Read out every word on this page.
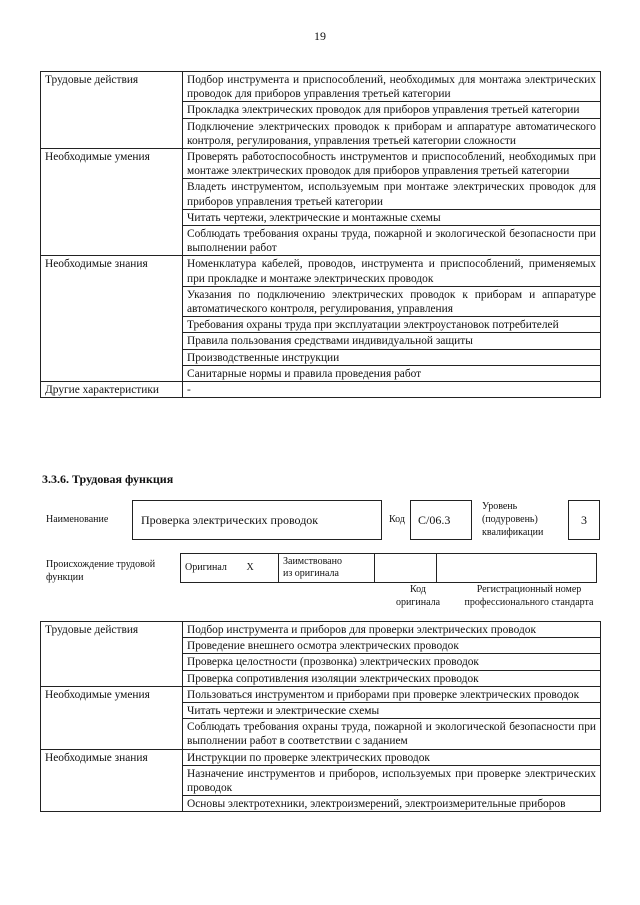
19
Трудовые действия	Подбор инструмента и приспособлений, необходимых для монтажа электрических проводок для приборов управления третьей категории
	Прокладка электрических проводок для приборов управления третьей категории
	Подключение электрических проводок к приборам и аппаратуре автоматического контроля, регулирования, управления третьей категории сложности
Необходимые умения	Проверять работоспособность инструментов и приспособлений, необходимых при монтаже электрических проводок для приборов управления третьей категории
	Владеть инструментом, используемым при монтаже электрических проводок для приборов управления третьей категории
	Читать чертежи, электрические и монтажные схемы
	Соблюдать требования охраны труда, пожарной и экологической безопасности при выполнении работ
Необходимые знания	Номенклатура кабелей, проводов, инструмента и приспособлений, применяемых при прокладке и монтаже электрических проводок
	Указания по подключению электрических проводок к приборам и аппаратуре автоматического контроля, регулирования, управления
	Требования охраны труда при эксплуатации электроустановок потребителей
	Правила пользования средствами индивидуальной защиты
	Производственные инструкции
	Санитарные нормы и правила проведения работ
Другие характеристики	-
3.3.6. Трудовая функция
Наименование	Проверка электрических проводок	Код С/06.3
Уровень
(подуровень)
квалификации
3
Происхождение трудовой
функции
Оригинал	X	
Заимствовано
из оригинала

Код
оригинала
Регистрационный номер
профессионального стандарта
Трудовые действия	Подбор инструмента и приборов для проверки электрических проводок
	Проведение внешнего осмотра электрических проводок
	Проверка целостности (прозвонка) электрических проводок
	Проверка сопротивления изоляции электрических проводок
Необходимые умения	Пользоваться инструментом и приборами при проверке электрических проводок
	Читать чертежи и электрические схемы
	Соблюдать требования охраны труда, пожарной и экологической безопасности при выполнении работ в соответствии с заданием
Необходимые знания	Инструкции по проверке электрических проводок
	Назначение инструментов и приборов, используемых при проверке электрических проводок
	Основы электротехники, электроизмерений, электроизмерительные приборов
